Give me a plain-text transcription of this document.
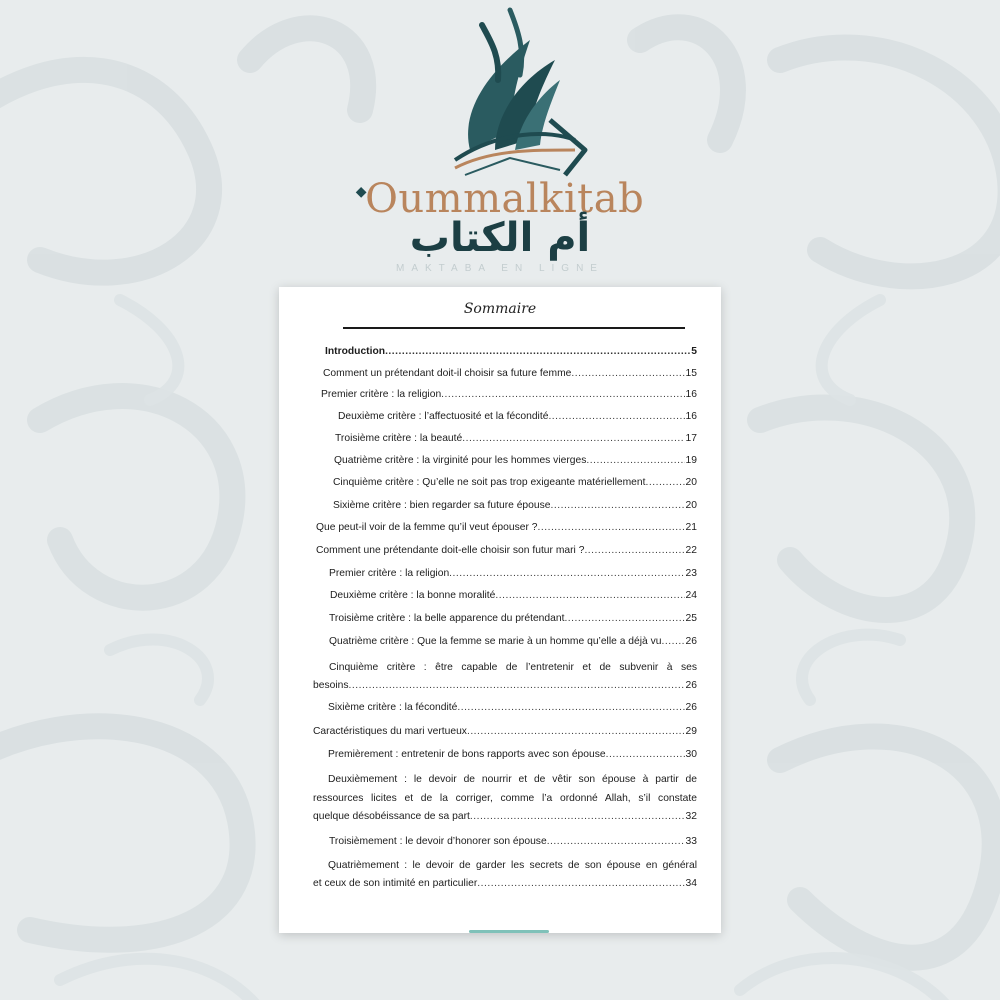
◆Oummalkitab
أم الكتاب
MAKTABA EN LIGNE
Sommaire
Introduction .....	5
Comment un prétendant doit-il choisir sa future femme .....	15
Premier critère : la religion .....	16
Deuxième critère : l’affectuosité et la fécondité .....	16
Troisième critère : la beauté .....	17
Quatrième critère : la virginité pour les hommes vierges .....	19
Cinquième critère : Qu’elle ne soit pas trop exigeante matériellement .....	20
Sixième critère : bien regarder sa future épouse .....	20
Que peut-il voir de la femme qu’il veut épouser ? .....	21
Comment une prétendante doit-elle choisir son futur mari ? .....	22
Premier critère : la religion .....	23
Deuxième critère : la bonne moralité .....	24
Troisième critère : la belle apparence du prétendant .....	25
Quatrième critère : Que la femme se marie à un homme qu’elle a déjà vu ..... 26
Cinquième critère : être capable de l’entretenir et de subvenir à ses
besoins .....	26
Sixième critère : la fécondité .....	26
Caractéristiques du mari vertueux .....	29
Premièrement : entretenir de bons rapports avec son épouse .....	30
Deuxièmement : le devoir de nourrir et de vêtir son épouse à partir de
ressources licites et de la corriger, comme l’a ordonné Allah, s’il constate
quelque désobéissance de sa part .....	32
Troisièmement : le devoir d’honorer son épouse .....	33
Quatrièmement : le devoir de garder les secrets de son épouse en général
et ceux de son intimité en particulier .....	34
